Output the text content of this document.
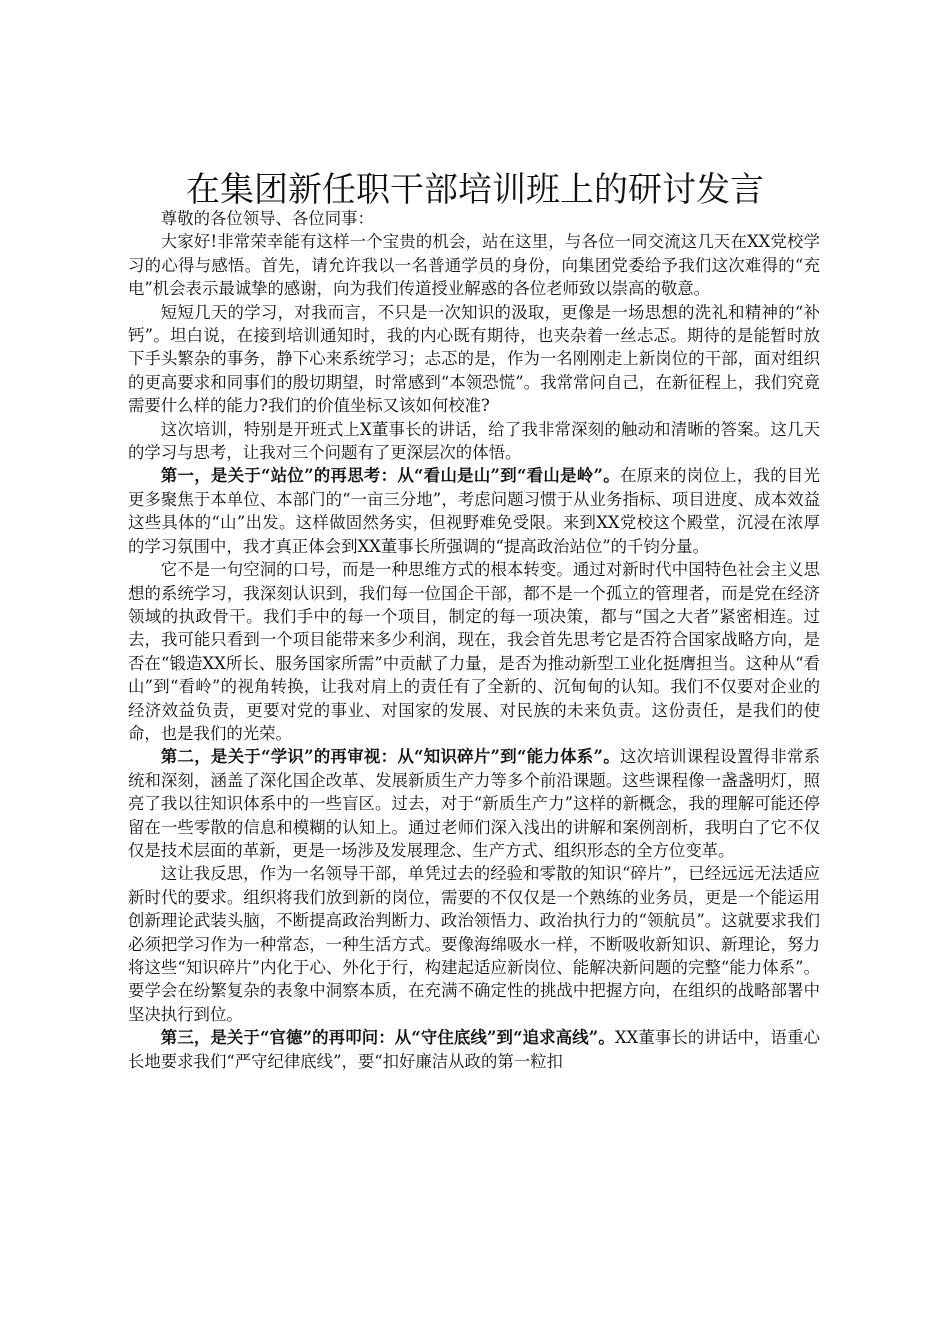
在集团新任职干部培训班上的研讨发言

尊敬的各位领导、各位同事：

大家好!非常荣幸能有这样一个宝贵的机会，站在这里，与各位一同交流这几天在XX党校学习的心得与感悟。首先，请允许我以一名普通学员的身份，向集团党委给予我们这次难得的“充电”机会表示最诚挚的感谢，向为我们传道授业解惑的各位老师致以崇高的敬意。

短短几天的学习，对我而言，不只是一次知识的汲取，更像是一场思想的洗礼和精神的“补钙”。坦白说，在接到培训通知时，我的内心既有期待，也夹杂着一丝忐忑。期待的是能暂时放下手头繁杂的事务，静下心来系统学习；忐忑的是，作为一名刚刚走上新岗位的干部，面对组织的更高要求和同事们的殷切期望，时常感到“本领恐慌”。我常常问自己，在新征程上，我们究竟需要什么样的能力?我们的价值坐标又该如何校准?

这次培训，特别是开班式上X董事长的讲话，给了我非常深刻的触动和清晰的答案。这几天的学习与思考，让我对三个问题有了更深层次的体悟。

第一，是关于“站位”的再思考：从“看山是山”到“看山是岭”。在原来的岗位上，我的目光更多聚焦于本单位、本部门的“一亩三分地”，考虑问题习惯于从业务指标、项目进度、成本效益这些具体的“山”出发。这样做固然务实，但视野难免受限。来到XX党校这个殿堂，沉浸在浓厚的学习氛围中，我才真正体会到XX董事长所强调的“提高政治站位”的千钧分量。

它不是一句空洞的口号，而是一种思维方式的根本转变。通过对新时代中国特色社会主义思想的系统学习，我深刻认识到，我们每一位国企干部，都不是一个孤立的管理者，而是党在经济领域的执政骨干。我们手中的每一个项目，制定的每一项决策，都与“国之大者”紧密相连。过去，我可能只看到一个项目能带来多少利润，现在，我会首先思考它是否符合国家战略方向，是否在“锻造XX所长、服务国家所需”中贡献了力量，是否为推动新型工业化挺膺担当。这种从“看山”到“看岭”的视角转换，让我对肩上的责任有了全新的、沉甸甸的认知。我们不仅要对企业的经济效益负责，更要对党的事业、对国家的发展、对民族的未来负责。这份责任，是我们的使命，也是我们的光荣。

第二，是关于“学识”的再审视：从“知识碎片”到“能力体系”。这次培训课程设置得非常系统和深刻，涵盖了深化国企改革、发展新质生产力等多个前沿课题。这些课程像一盏盏明灯，照亮了我以往知识体系中的一些盲区。过去，对于“新质生产力”这样的新概念，我的理解可能还停留在一些零散的信息和模糊的认知上。通过老师们深入浅出的讲解和案例剖析，我明白了它不仅仅是技术层面的革新，更是一场涉及发展理念、生产方式、组织形态的全方位变革。

这让我反思，作为一名领导干部，单凭过去的经验和零散的知识“碎片”，已经远远无法适应新时代的要求。组织将我们放到新的岗位，需要的不仅仅是一个熟练的业务员，更是一个能运用创新理论武装头脑，不断提高政治判断力、政治领悟力、政治执行力的“领航员”。这就要求我们必须把学习作为一种常态，一种生活方式。要像海绵吸水一样，不断吸收新知识、新理论，努力将这些“知识碎片”内化于心、外化于行，构建起适应新岗位、能解决新问题的完整“能力体系”。要学会在纷繁复杂的表象中洞察本质，在充满不确定性的挑战中把握方向，在组织的战略部署中坚决执行到位。

第三，是关于“官德”的再叩问：从“守住底线”到“追求高线”。XX董事长的讲话中，语重心长地要求我们“严守纪律底线”，要“扣好廉洁从政的第一粒扣
